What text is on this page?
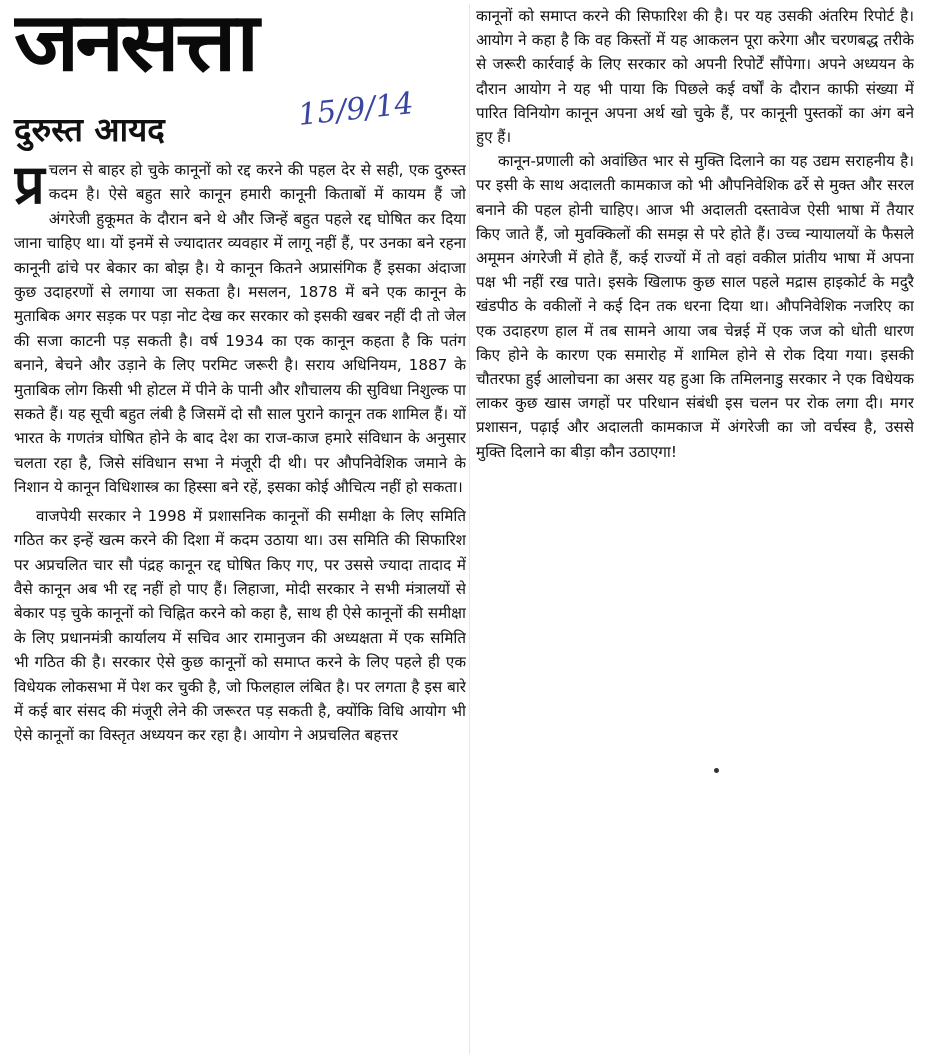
जनसत्ता
15/9/14
दुरुस्त आयद

प्र चलन से बाहर हो चुके कानूनों को रद्द करने की पहल देर से सही, एक दुरुस्त कदम है। ऐसे बहुत सारे कानून हमारी कानूनी किताबों में कायम हैं जो अंगरेजी हुकूमत के दौरान बने थे और जिन्हें बहुत पहले रद्द घोषित कर दिया जाना चाहिए था। यों इनमें से ज्यादातर व्यवहार में लागू नहीं हैं, पर उनका बने रहना कानूनी ढांचे पर बेकार का बोझ है। ये कानून कितने अप्रासंगिक हैं इसका अंदाजा कुछ उदाहरणों से लगाया जा सकता है। मसलन, 1878 में बने एक कानून के मुताबिक अगर सड़क पर पड़ा नोट देख कर सरकार को इसकी खबर नहीं दी तो जेल की सजा काटनी पड़ सकती है। वर्ष 1934 का एक कानून कहता है कि पतंग बनाने, बेचने और उड़ाने के लिए परमिट जरूरी है। सराय अधिनियम, 1887 के मुताबिक लोग किसी भी होटल में पीने के पानी और शौचालय की सुविधा निशुल्क पा सकते हैं। यह सूची बहुत लंबी है जिसमें दो सौ साल पुराने कानून तक शामिल हैं। यों भारत के गणतंत्र घोषित होने के बाद देश का राज-काज हमारे संविधान के अनुसार चलता रहा है, जिसे संविधान सभा ने मंजूरी दी थी। पर औपनिवेशिक जमाने के निशान ये कानून विधिशास्त्र का हिस्सा बने रहें, इसका कोई औचित्य नहीं हो सकता।

वाजपेयी सरकार ने 1998 में प्रशासनिक कानूनों की समीक्षा के लिए समिति गठित कर इन्हें खत्म करने की दिशा में कदम उठाया था। उस समिति की सिफारिश पर अप्रचलित चार सौ पंद्रह कानून रद्द घोषित किए गए, पर उससे ज्यादा तादाद में वैसे कानून अब भी रद्द नहीं हो पाए हैं। लिहाजा, मोदी सरकार ने सभी मंत्रालयों से बेकार पड़ चुके कानूनों को चिह्नित करने को कहा है, साथ ही ऐसे कानूनों की समीक्षा के लिए प्रधानमंत्री कार्यालय में सचिव आर रामानुजन की अध्यक्षता में एक समिति भी गठित की है। सरकार ऐसे कुछ कानूनों को समाप्त करने के लिए पहले ही एक विधेयक लोकसभा में पेश कर चुकी है, जो फिलहाल लंबित है। पर लगता है इस बारे में कई बार संसद की मंजूरी लेने की जरूरत पड़ सकती है, क्योंकि विधि आयोग भी ऐसे कानूनों का विस्तृत अध्ययन कर रहा है। आयोग ने अप्रचलित बहत्तर

कानूनों को समाप्त करने की सिफारिश की है। पर यह उसकी अंतरिम रिपोर्ट है। आयोग ने कहा है कि वह किस्तों में यह आकलन पूरा करेगा और चरणबद्ध तरीके से जरूरी कार्रवाई के लिए सरकार को अपनी रिपोर्टें सौंपेगा। अपने अध्ययन के दौरान आयोग ने यह भी पाया कि पिछले कई वर्षों के दौरान काफी संख्या में पारित विनियोग कानून अपना अर्थ खो चुके हैं, पर कानूनी पुस्तकों का अंग बने हुए हैं।

कानून-प्रणाली को अवांछित भार से मुक्ति दिलाने का यह उद्यम सराहनीय है। पर इसी के साथ अदालती कामकाज को भी औपनिवेशिक ढर्रे से मुक्त और सरल बनाने की पहल होनी चाहिए। आज भी अदालती दस्तावेज ऐसी भाषा में तैयार किए जाते हैं, जो मुवक्किलों की समझ से परे होते हैं। उच्च न्यायालयों के फैसले अमूमन अंगरेजी में होते हैं, कई राज्यों में तो वहां वकील प्रांतीय भाषा में अपना पक्ष भी नहीं रख पाते। इसके खिलाफ कुछ साल पहले मद्रास हाइकोर्ट के मदुरै खंडपीठ के वकीलों ने कई दिन तक धरना दिया था। औपनिवेशिक नजरिए का एक उदाहरण हाल में तब सामने आया जब चेन्नई में एक जज को धोती धारण किए होने के कारण एक समारोह में शामिल होने से रोक दिया गया। इसकी चौतरफा हुई आलोचना का असर यह हुआ कि तमिलनाडु सरकार ने एक विधेयक लाकर कुछ खास जगहों पर परिधान संबंधी इस चलन पर रोक लगा दी। मगर प्रशासन, पढ़ाई और अदालती कामकाज में अंगरेजी का जो वर्चस्व है, उससे मुक्ति दिलाने का बीड़ा कौन उठाएगा!
